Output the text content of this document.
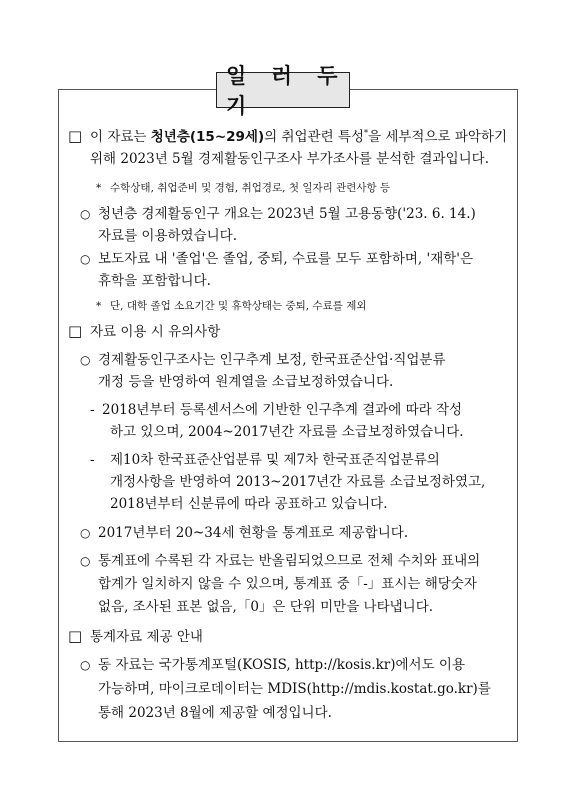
일 러 두 기
□ 이 자료는 청년층(15~29세)의 취업관련 특성*을 세부적으로 파악하기
위해 2023년 5월 경제활동인구조사 부가조사를 분석한 결과입니다.
* 수학상태, 취업준비 및 경험, 취업경로, 첫 일자리 관련사항 등
○ 청년층 경제활동인구 개요는 2023년 5월 고용동향('23. 6. 14.)
자료를 이용하였습니다.
○ 보도자료 내 '졸업'은 졸업, 중퇴, 수료를 모두 포함하며, '재학'은
휴학을 포함합니다.
* 단, 대학 졸업 소요기간 및 휴학상태는 중퇴, 수료를 제외
□ 자료 이용 시 유의사항
○ 경제활동인구조사는 인구추계 보정, 한국표준산업·직업분류
개정 등을 반영하여 원계열을 소급보정하였습니다.
- 2018년부터 등록센서스에 기반한 인구추계 결과에 따라 작성
하고 있으며, 2004~2017년간 자료를 소급보정하였습니다.
- 제10차 한국표준산업분류 및 제7차 한국표준직업분류의
개정사항을 반영하여 2013~2017년간 자료를 소급보정하였고,
2018년부터 신분류에 따라 공표하고 있습니다.
○ 2017년부터 20~34세 현황을 통계표로 제공합니다.
○ 통계표에 수록된 각 자료는 반올림되었으므로 전체 수치와 표내의
합계가 일치하지 않을 수 있으며, 통계표 중「-」표시는 해당숫자
없음, 조사된 표본 없음,「0」은 단위 미만을 나타냅니다.
□ 통계자료 제공 안내
○ 동 자료는 국가통계포털(KOSIS, http://kosis.kr)에서도 이용
가능하며, 마이크로데이터는 MDIS(http://mdis.kostat.go.kr)를
통해 2023년 8월에 제공할 예정입니다.
